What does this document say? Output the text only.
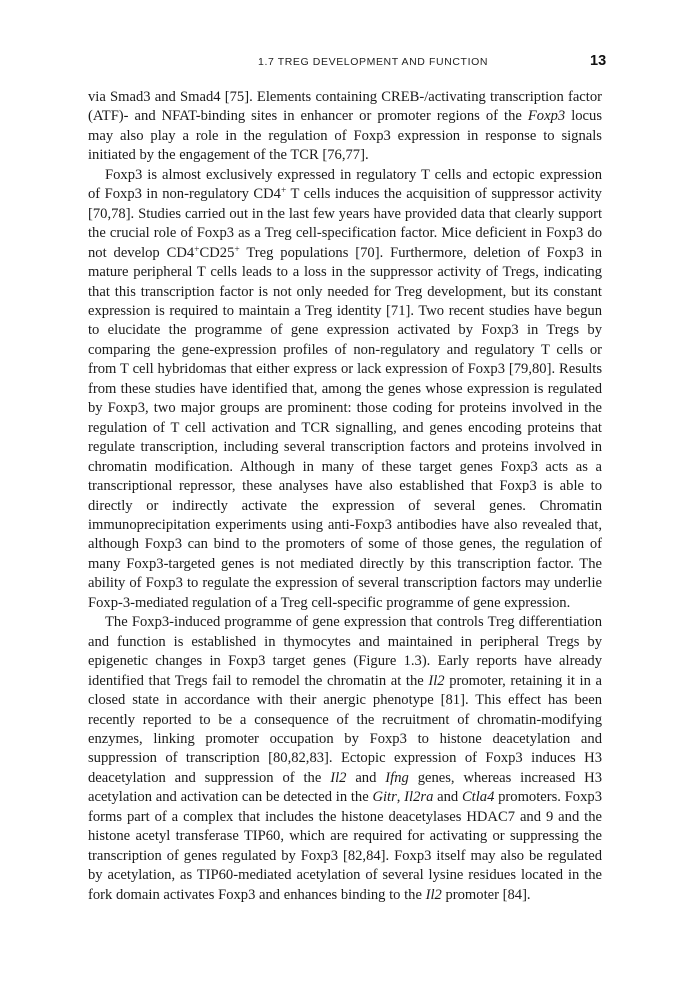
1.7 TREG DEVELOPMENT AND FUNCTION	13

via Smad3 and Smad4 [75]. Elements containing CREB-/activating transcription factor (ATF)- and NFAT-binding sites in enhancer or promoter regions of the Foxp3 locus may also play a role in the regulation of Foxp3 expression in response to signals initiated by the engagement of the TCR [76,77].

Foxp3 is almost exclusively expressed in regulatory T cells and ectopic expression of Foxp3 in non-regulatory CD4+ T cells induces the acquisition of suppressor activity [70,78]. Studies carried out in the last few years have provided data that clearly support the crucial role of Foxp3 as a Treg cell-specification factor. Mice deficient in Foxp3 do not develop CD4+CD25+ Treg populations [70]. Furthermore, deletion of Foxp3 in mature peripheral T cells leads to a loss in the suppressor activity of Tregs, indicating that this transcription factor is not only needed for Treg development, but its constant expression is required to maintain a Treg identity [71]. Two recent studies have begun to elucidate the programme of gene expression activated by Foxp3 in Tregs by comparing the gene-expression profiles of non-regulatory and regulatory T cells or from T cell hybridomas that either express or lack expression of Foxp3 [79,80]. Results from these studies have identified that, among the genes whose expression is regulated by Foxp3, two major groups are prominent: those coding for proteins involved in the regulation of T cell activation and TCR signalling, and genes encoding proteins that regulate transcription, including several transcription factors and proteins involved in chromatin modification. Although in many of these target genes Foxp3 acts as a transcriptional repressor, these analyses have also established that Foxp3 is able to directly or indirectly activate the expression of several genes. Chromatin immunoprecipitation experiments using anti-Foxp3 antibodies have also revealed that, although Foxp3 can bind to the promoters of some of those genes, the regulation of many Foxp3-targeted genes is not mediated directly by this transcription factor. The ability of Foxp3 to regulate the expression of several transcription factors may underlie Foxp-3-mediated regulation of a Treg cell-specific programme of gene expression.

The Foxp3-induced programme of gene expression that controls Treg differentiation and function is established in thymocytes and maintained in peripheral Tregs by epigenetic changes in Foxp3 target genes (Figure 1.3). Early reports have already identified that Tregs fail to remodel the chromatin at the Il2 promoter, retaining it in a closed state in accordance with their anergic phenotype [81]. This effect has been recently reported to be a consequence of the recruitment of chromatin-modifying enzymes, linking promoter occupation by Foxp3 to histone deacetylation and suppression of transcription [80,82,83]. Ectopic expression of Foxp3 induces H3 deacetylation and suppression of the Il2 and Ifng genes, whereas increased H3 acetylation and activation can be detected in the Gitr, Il2ra and Ctla4 promoters. Foxp3 forms part of a complex that includes the histone deacetylases HDAC7 and 9 and the histone acetyl transferase TIP60, which are required for activating or suppressing the transcription of genes regulated by Foxp3 [82,84]. Foxp3 itself may also be regulated by acetylation, as TIP60-mediated acetylation of several lysine residues located in the fork domain activates Foxp3 and enhances binding to the Il2 promoter [84].
